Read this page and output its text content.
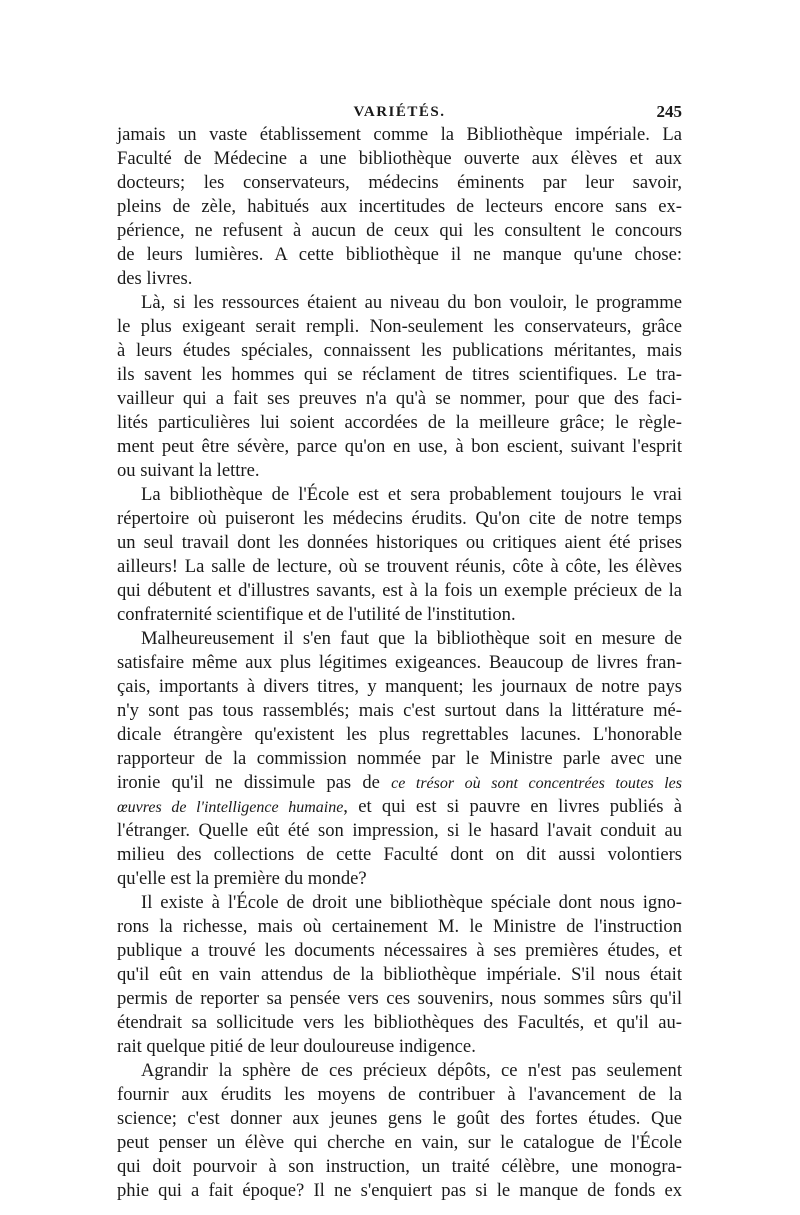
VARIÉTÉS.	245
jamais un vaste établissement comme la Bibliothèque impériale. La
Faculté de Médecine a une bibliothèque ouverte aux élèves et aux
docteurs; les conservateurs, médecins éminents par leur savoir,
pleins de zèle, habitués aux incertitudes de lecteurs encore sans ex-
périence, ne refusent à aucun de ceux qui les consultent le concours
de leurs lumières. A cette bibliothèque il ne manque qu'une chose:
des livres.
Là, si les ressources étaient au niveau du bon vouloir, le programme
le plus exigeant serait rempli. Non-seulement les conservateurs, grâce
à leurs études spéciales, connaissent les publications méritantes, mais
ils savent les hommes qui se réclament de titres scientifiques. Le tra-
vailleur qui a fait ses preuves n'a qu'à se nommer, pour que des faci-
lités particulières lui soient accordées de la meilleure grâce; le règle-
ment peut être sévère, parce qu'on en use, à bon escient, suivant l'esprit
ou suivant la lettre.
La bibliothèque de l'École est et sera probablement toujours le vrai
répertoire où puiseront les médecins érudits. Qu'on cite de notre temps
un seul travail dont les données historiques ou critiques aient été prises
ailleurs! La salle de lecture, où se trouvent réunis, côte à côte, les élèves
qui débutent et d'illustres savants, est à la fois un exemple précieux de la
confraternité scientifique et de l'utilité de l'institution.
Malheureusement il s'en faut que la bibliothèque soit en mesure de
satisfaire même aux plus légitimes exigeances. Beaucoup de livres fran-
çais, importants à divers titres, y manquent; les journaux de notre pays
n'y sont pas tous rassemblés; mais c'est surtout dans la littérature mé-
dicale étrangère qu'existent les plus regrettables lacunes. L'honorable
rapporteur de la commission nommée par le Ministre parle avec une
ironie qu'il ne dissimule pas de ce trésor où sont concentrées toutes les
œuvres de l'intelligence humaine, et qui est si pauvre en livres publiés à
l'étranger. Quelle eût été son impression, si le hasard l'avait conduit au
milieu des collections de cette Faculté dont on dit aussi volontiers
qu'elle est la première du monde?
Il existe à l'École de droit une bibliothèque spéciale dont nous igno-
rons la richesse, mais où certainement M. le Ministre de l'instruction
publique a trouvé les documents nécessaires à ses premières études, et
qu'il eût en vain attendus de la bibliothèque impériale. S'il nous était
permis de reporter sa pensée vers ces souvenirs, nous sommes sûrs qu'il
étendrait sa sollicitude vers les bibliothèques des Facultés, et qu'il au-
rait quelque pitié de leur douloureuse indigence.
Agrandir la sphère de ces précieux dépôts, ce n'est pas seulement
fournir aux érudits les moyens de contribuer à l'avancement de la
science; c'est donner aux jeunes gens le goût des fortes études. Que
peut penser un élève qui cherche en vain, sur le catalogue de l'École
qui doit pourvoir à son instruction, un traité célèbre, une monogra-
phie qui a fait époque? Il ne s'enquiert pas si le manque de fonds ex
